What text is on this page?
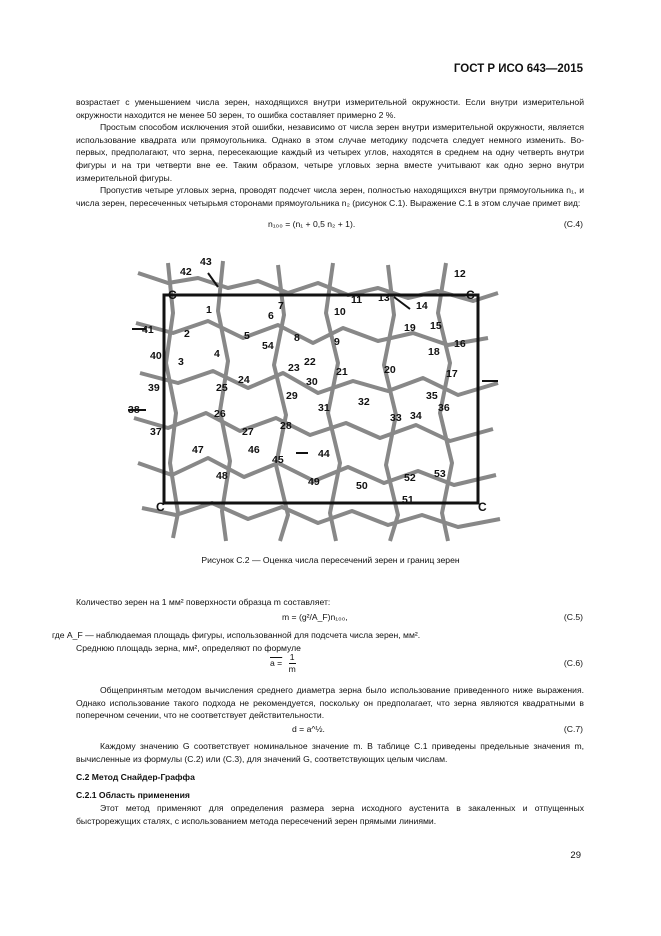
ГОСТ Р ИСО 643—2015

возрастает с уменьшением числа зерен, находящихся внутри измерительной окружности. Если внутри измерительной окружности находится не менее 50 зерен, то ошибка составляет примерно 2 %.

Простым способом исключения этой ошибки, независимо от числа зерен внутри измерительной окружности, является использование квадрата или прямоугольника. Однако в этом случае методику подсчета следует немного изменить. Во-первых, предполагают, что зерна, пересекающие каждый из четырех углов, находятся в среднем на одну четверть внутри фигуры и на три четверти вне ее. Таким образом, четыре угловых зерна вместе учитывают как одно зерно внутри измерительной фигуры.

Пропустив четыре угловых зерна, проводят подсчет числа зерен, полностью находящихся внутри прямоугольника n₁, и числа зерен, пересеченных четырьмя сторонами прямоугольника n₂ (рисунок С.1). Выражение С.1 в этом случае примет вид:

n₁₀₀ = (n₁ + 0,5 n₂ + 1).	(С.4)
C	C
C	C
1
2
3
4
5
6
7
8	9
10
11
12
13
14
15
16
17
18
19
20
21
22
23
24
25
26
27	28
29
30
31	32
33 34
35
36
37
38
39
40
41
42
43
44
45
46
47
48	49	50
51
52 53
54
Рисунок С.2 — Оценка числа пересечений зерен и границ зерен
Количество зерен на 1 мм² поверхности образца m составляет:
m = (g²/A_F)n₁₀₀,	(С.5)
где A_F — наблюдаемая площадь фигуры, использованной для подсчета числа зерен, мм².
Среднюю площадь зерна, мм², определяют по формуле
$a = \frac{1}{m}$	(С.6)

Общепринятым методом вычисления среднего диаметра зерна было использование приведенного ниже выражения. Однако использование такого подхода не рекомендуется, поскольку он предполагает, что зерна являются квадратными в поперечном сечении, что не соответствует действительности.

d = a^½.	(С.7)

Каждому значению G соответствует номинальное значение m. В таблице С.1 приведены предельные значения m, вычисленные из формулы (С.2) или (С.3), для значений G, соответствующих целым числам.

С.2 Метод Снайдер-Граффа
С.2.1 Область применения

Этот метод применяют для определения размера зерна исходного аустенита в закаленных и отпущенных быстрорежущих сталях, с использованием метода пересечений зерен прямыми линиями.

29
